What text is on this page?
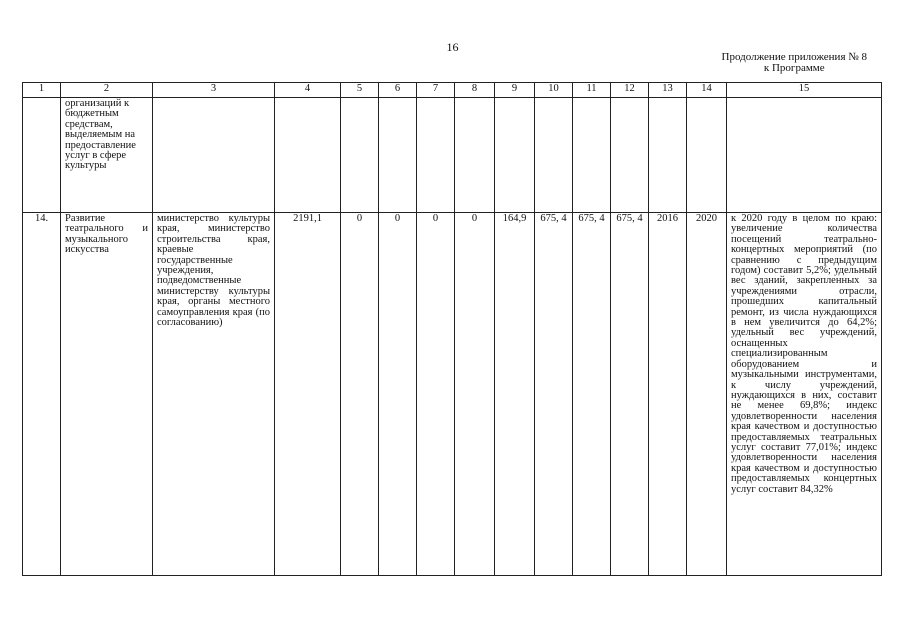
16
Продолжение приложения № 8
к Программе
1	2	3	4	5	6	7	8	9	10	11	12	13	14	15
	организаций к бюджетным средствам, выделяемым на предоставление услуг в сфере культуры													
14.	Развитие театрального и музыкального искусства	министерство культуры края, министерство строительства края, краевые государственные учреждения, подведомственные министерству культуры края, органы местного самоуправления края (по согласованию)	2191,1	0	0	0	0	164,9	675, 4	675, 4	675, 4	2016	2020	к 2020 году в целом по краю: увеличение количества посещений театрально-концертных мероприятий (по сравнению с предыдущим годом) составит 5,2%; удельный вес зданий, закрепленных за учреждениями отрасли, прошедших капитальный ремонт, из числа нуждающихся в нем увеличится до 64,2%; удельный вес учреждений, оснащенных специализированным оборудованием и музыкальными инструментами, к числу учреждений, нуждающихся в них, составит не менее 69,8%; индекс удовлетворенности населения края качеством и доступностью предоставляемых театральных услуг составит 77,01%; индекс удовлетворенности населения края качеством и доступностью предоставляемых концертных услуг составит 84,32%
